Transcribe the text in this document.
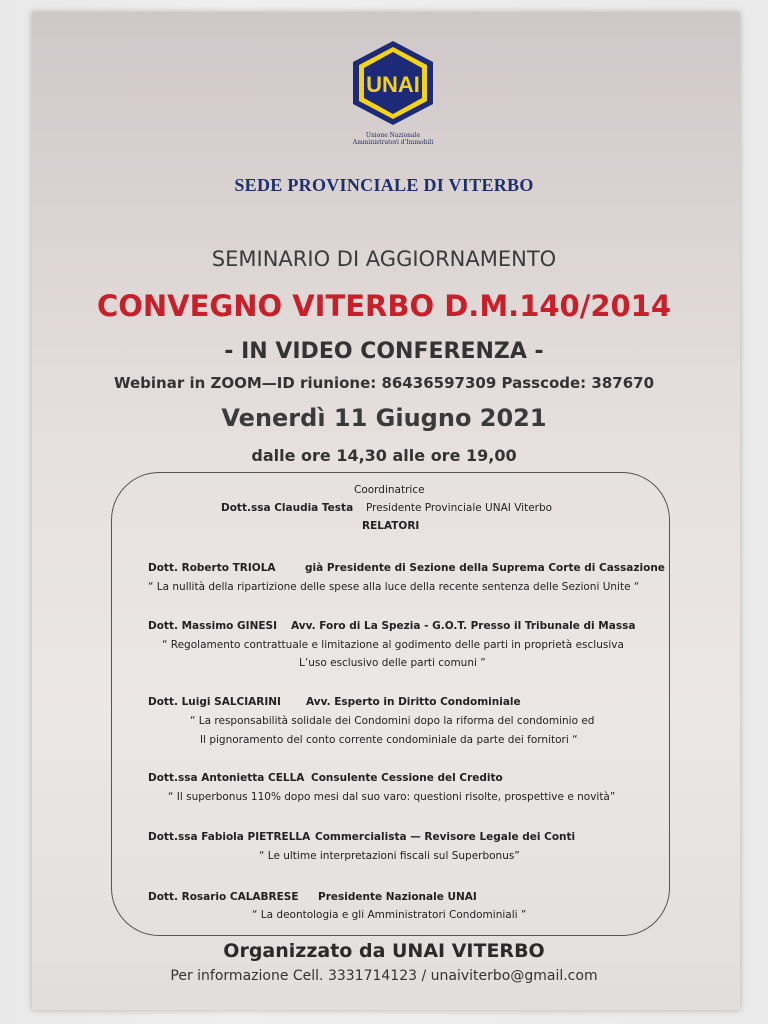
UNAI
Unione Nazionale
Amministratori d'Immobili
SEDE PROVINCIALE DI VITERBO
SEMINARIO DI AGGIORNAMENTO
CONVEGNO VITERBO D.M.140/2014
- IN VIDEO CONFERENZA -
Webinar in ZOOM—ID riunione: 86436597309 Passcode: 387670
Venerdì 11 Giugno 2021
dalle ore 14,30 alle ore 19,00
Coordinatrice
Dott.ssa Claudia Testa Presidente Provinciale UNAI Viterbo
RELATORI
Dott. Roberto TRIOLA	già Presidente di Sezione della Suprema Corte di Cassazione
“ La nullità della ripartizione delle spese alla luce della recente sentenza delle Sezioni Unite “
Dott. Massimo GINESI Avv. Foro di La Spezia - G.O.T. Presso il Tribunale di Massa
“ Regolamento contrattuale e limitazione al godimento delle parti in proprietà esclusiva
L’uso esclusivo delle parti comuni ”
Dott. Luigi SALCIARINI Avv. Esperto in Diritto Condominiale
“ La responsabilità solidale dei Condomini dopo la riforma del condominio ed
Il pignoramento del conto corrente condominiale da parte dei fornitori “
Dott.ssa Antonietta CELLA Consulente Cessione del Credito
“ Il superbonus 110% dopo mesi dal suo varo: questioni risolte, prospettive e novità”
Dott.ssa Fabiola PIETRELLA Commercialista — Revisore Legale dei Conti
“ Le ultime interpretazioni fiscali sul Superbonus”
Dott. Rosario CALABRESE Presidente Nazionale UNAI
“ La deontologia e gli Amministratori Condominiali ”
Organizzato da UNAI VITERBO
Per informazione Cell. 3331714123 / unaiviterbo@gmail.com
